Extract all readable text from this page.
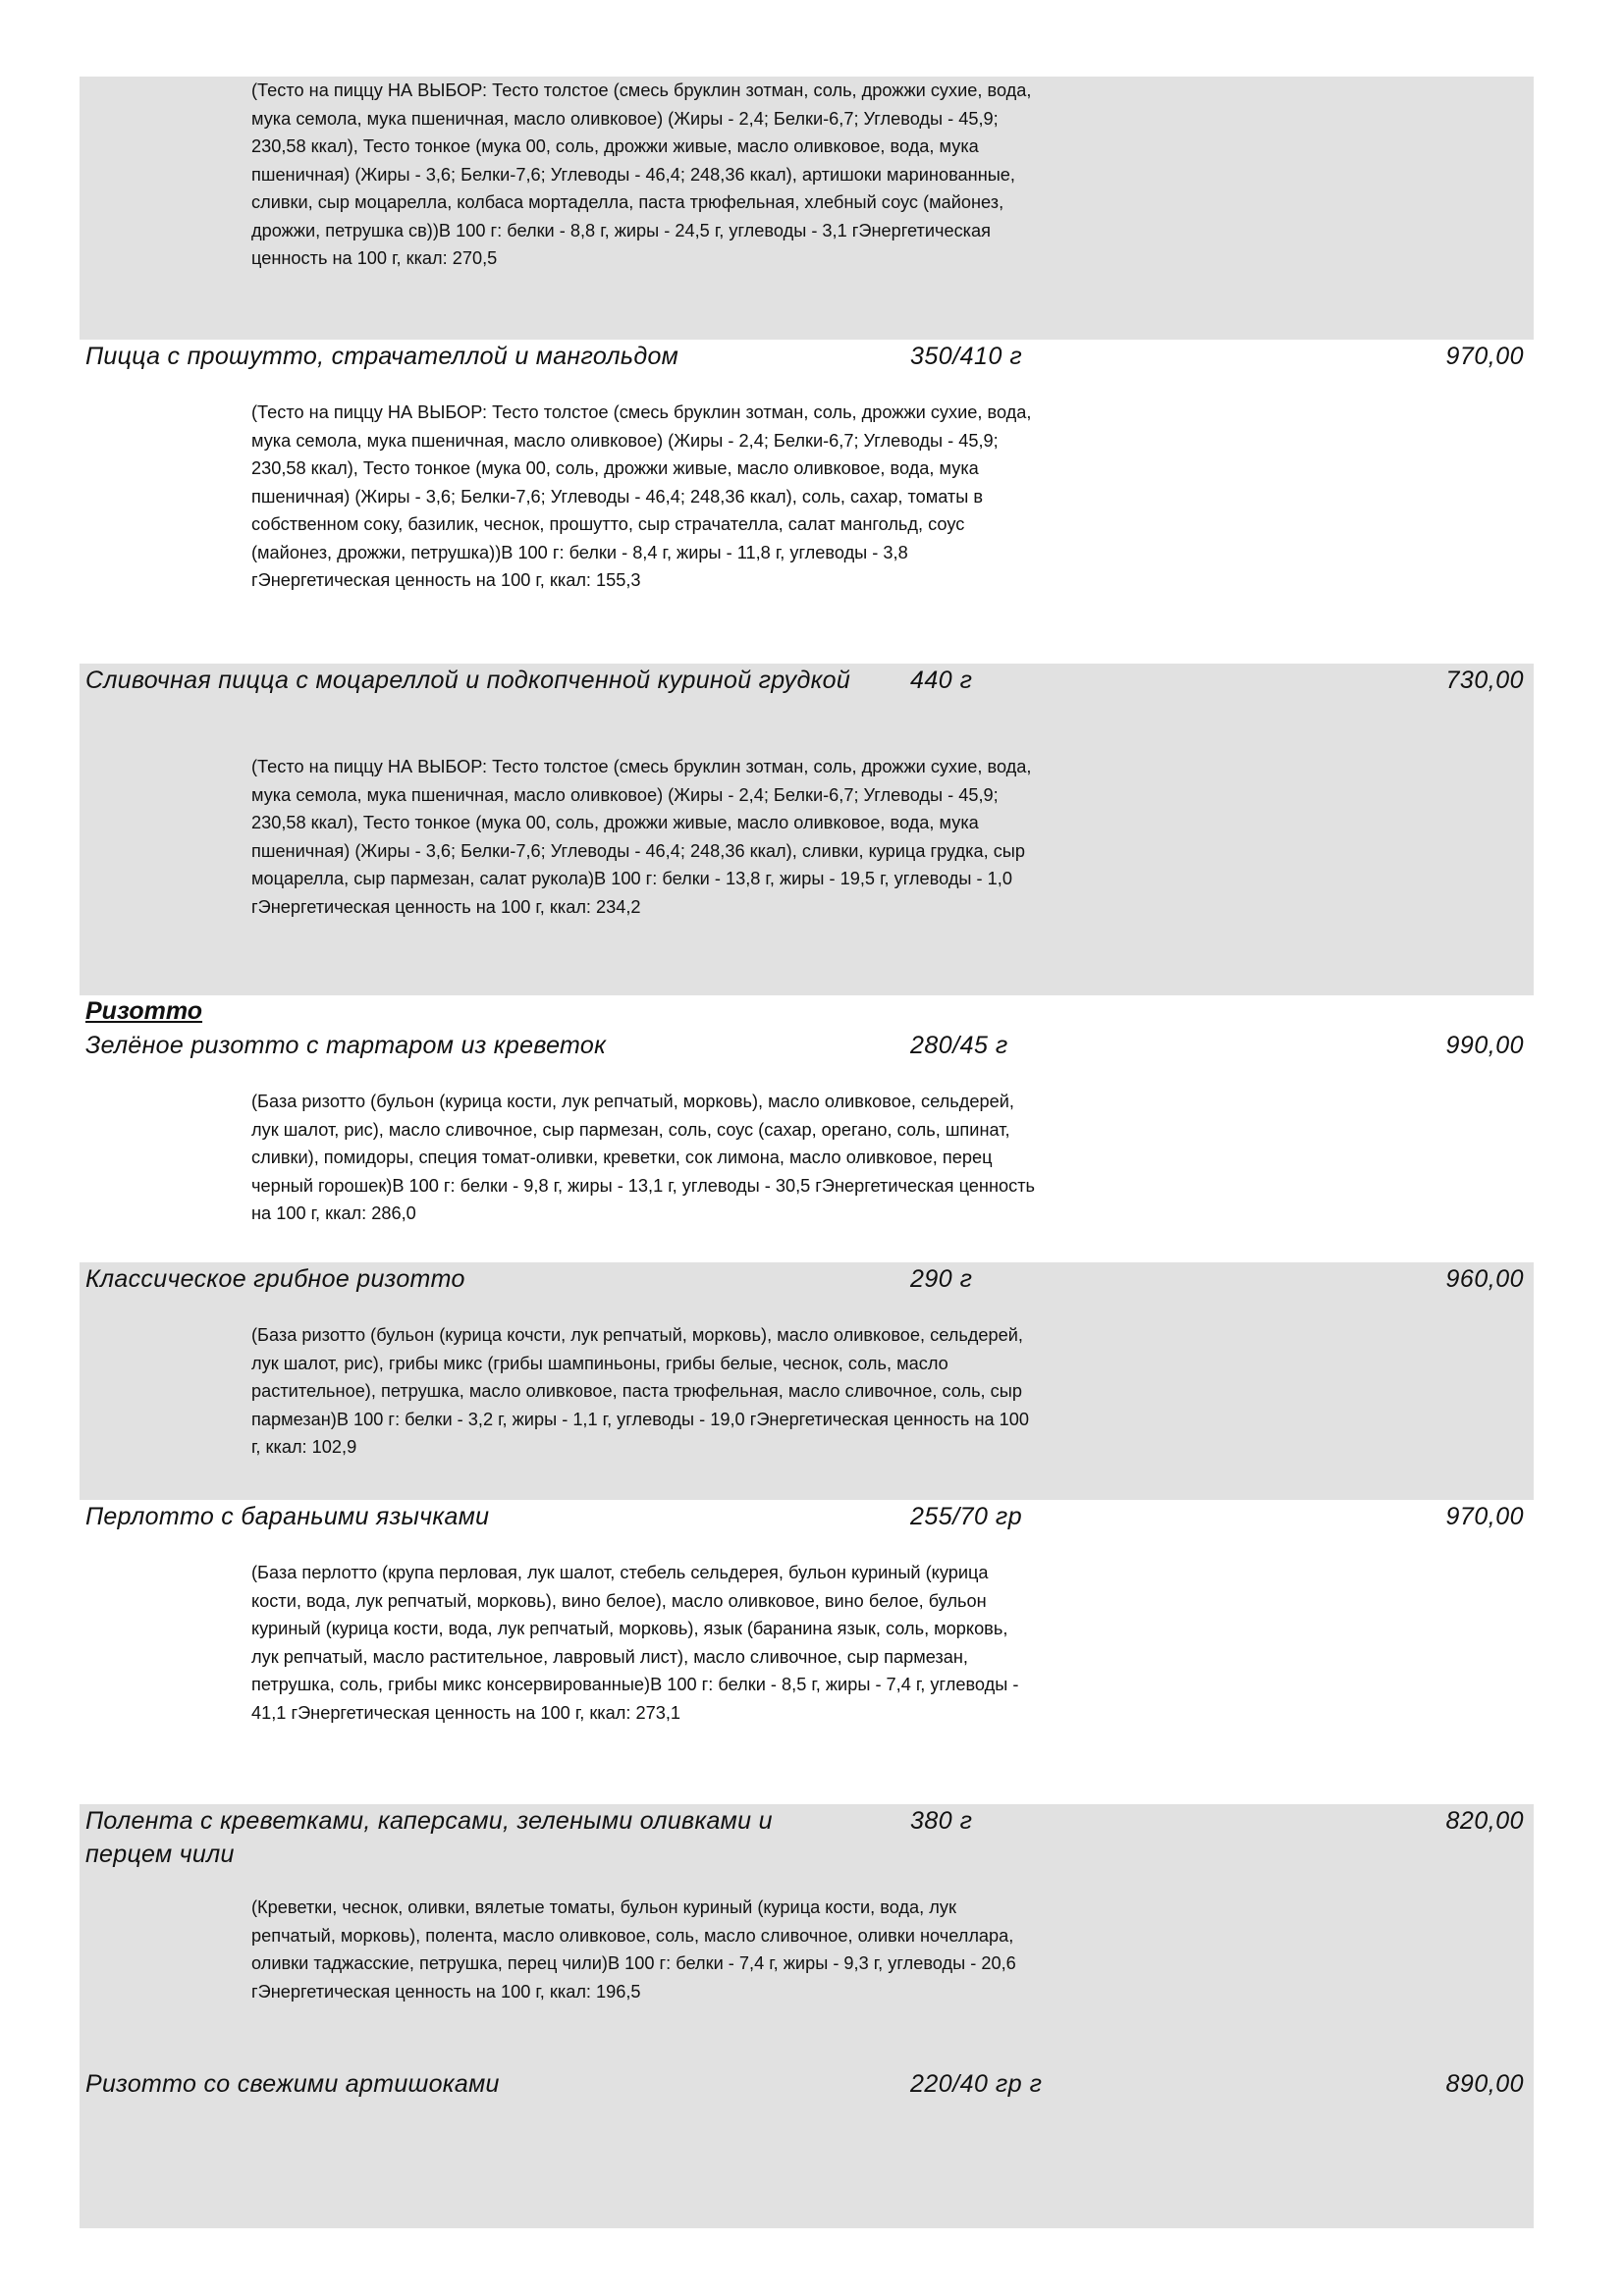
(Тесто на пиццу НА ВЫБОР: Тесто толстое (смесь бруклин зотман, соль, дрожжи сухие, вода, мука семола, мука пшеничная, масло оливковое) (Жиры - 2,4; Белки-6,7; Углеводы - 45,9; 230,58 ккал), Тесто тонкое (мука 00, соль, дрожжи живые, масло оливковое, вода, мука пшеничная) (Жиры - 3,6; Белки-7,6; Углеводы - 46,4; 248,36 ккал), артишоки маринованные, сливки, сыр моцарелла, колбаса мортаделла, паста трюфельная, хлебный соус (майонез, дрожжи, петрушка св))В 100 г: белки - 8,8 г, жиры - 24,5 г, углеводы - 3,1 гЭнергетическая ценность на 100 г, ккал: 270,5
Пицца с прошутто, страчателлой и мангольдом	350/410 г	970,00
(Тесто на пиццу НА ВЫБОР: Тесто толстое (смесь бруклин зотман, соль, дрожжи сухие, вода, мука семола, мука пшеничная, масло оливковое) (Жиры - 2,4; Белки-6,7; Углеводы - 45,9; 230,58 ккал), Тесто тонкое (мука 00, соль, дрожжи живые, масло оливковое, вода, мука пшеничная) (Жиры - 3,6; Белки-7,6; Углеводы - 46,4; 248,36 ккал), соль, сахар, томаты в собственном соку, базилик, чеснок, прошутто, сыр страчателла, салат мангольд, соус (майонез, дрожжи, петрушка))В 100 г: белки - 8,4 г, жиры - 11,8 г, углеводы - 3,8 гЭнергетическая ценность на 100 г, ккал: 155,3
Сливочная пицца с моцареллой и подкопченной куриной грудкой 440 г	730,00
(Тесто на пиццу НА ВЫБОР: Тесто толстое (смесь бруклин зотман, соль, дрожжи сухие, вода, мука семола, мука пшеничная, масло оливковое) (Жиры - 2,4; Белки-6,7; Углеводы - 45,9; 230,58 ккал), Тесто тонкое (мука 00, соль, дрожжи живые, масло оливковое, вода, мука пшеничная) (Жиры - 3,6; Белки-7,6; Углеводы - 46,4; 248,36 ккал), сливки, курица грудка, сыр моцарелла, сыр пармезан, салат рукола)В 100 г: белки - 13,8 г, жиры - 19,5 г, углеводы - 1,0 гЭнергетическая ценность на 100 г, ккал: 234,2
Ризотто
Зелёное ризотто с тартаром из креветок	280/45 г	990,00
(База ризотто (бульон (курица кости, лук репчатый, морковь), масло оливковое, сельдерей, лук шалот, рис), масло сливочное, сыр пармезан, соль, соус (сахар, орегано, соль, шпинат, сливки), помидоры, специя томат-оливки, креветки, сок лимона, масло оливковое, перец черный горошек)В 100 г: белки - 9,8 г, жиры - 13,1 г, углеводы - 30,5 гЭнергетическая ценность на 100 г, ккал: 286,0
Классическое грибное ризотто	290 г	960,00
(База ризотто (бульон (курица кочсти, лук репчатый, морковь), масло оливковое, сельдерей, лук шалот, рис), грибы микс (грибы шампиньоны, грибы белые, чеснок, соль, масло растительное), петрушка, масло оливковое, паста трюфельная, масло сливочное, соль, сыр пармезан)В 100 г: белки - 3,2 г, жиры - 1,1 г, углеводы - 19,0 гЭнергетическая ценность на 100 г, ккал: 102,9
Перлотто с бараньими язычками	255/70 гр	970,00
(База перлотто (крупа перловая, лук шалот, стебель сельдерея, бульон куриный (курица кости, вода, лук репчатый, морковь), вино белое), масло оливковое, вино белое, бульон куриный (курица кости, вода, лук репчатый, морковь), язык (баранина язык, соль, морковь, лук репчатый, масло растительное, лавровый лист), масло сливочное, сыр пармезан, петрушка, соль, грибы микс консервированные)В 100 г: белки - 8,5 г, жиры - 7,4 г, углеводы - 41,1 гЭнергетическая ценность на 100 г, ккал: 273,1
Полента с креветками, каперсами, зелеными оливками и перцем чили
380 г	820,00
(Креветки, чеснок, оливки, вялетые томаты, бульон куриный (курица кости, вода, лук репчатый, морковь), полента, масло оливковое, соль, масло сливочное, оливки ночеллара, оливки таджасские, петрушка, перец чили)В 100 г: белки - 7,4 г, жиры - 9,3 г, углеводы - 20,6 гЭнергетическая ценность на 100 г, ккал: 196,5
Ризотто со свежими артишоками	220/40 гр г	890,00
